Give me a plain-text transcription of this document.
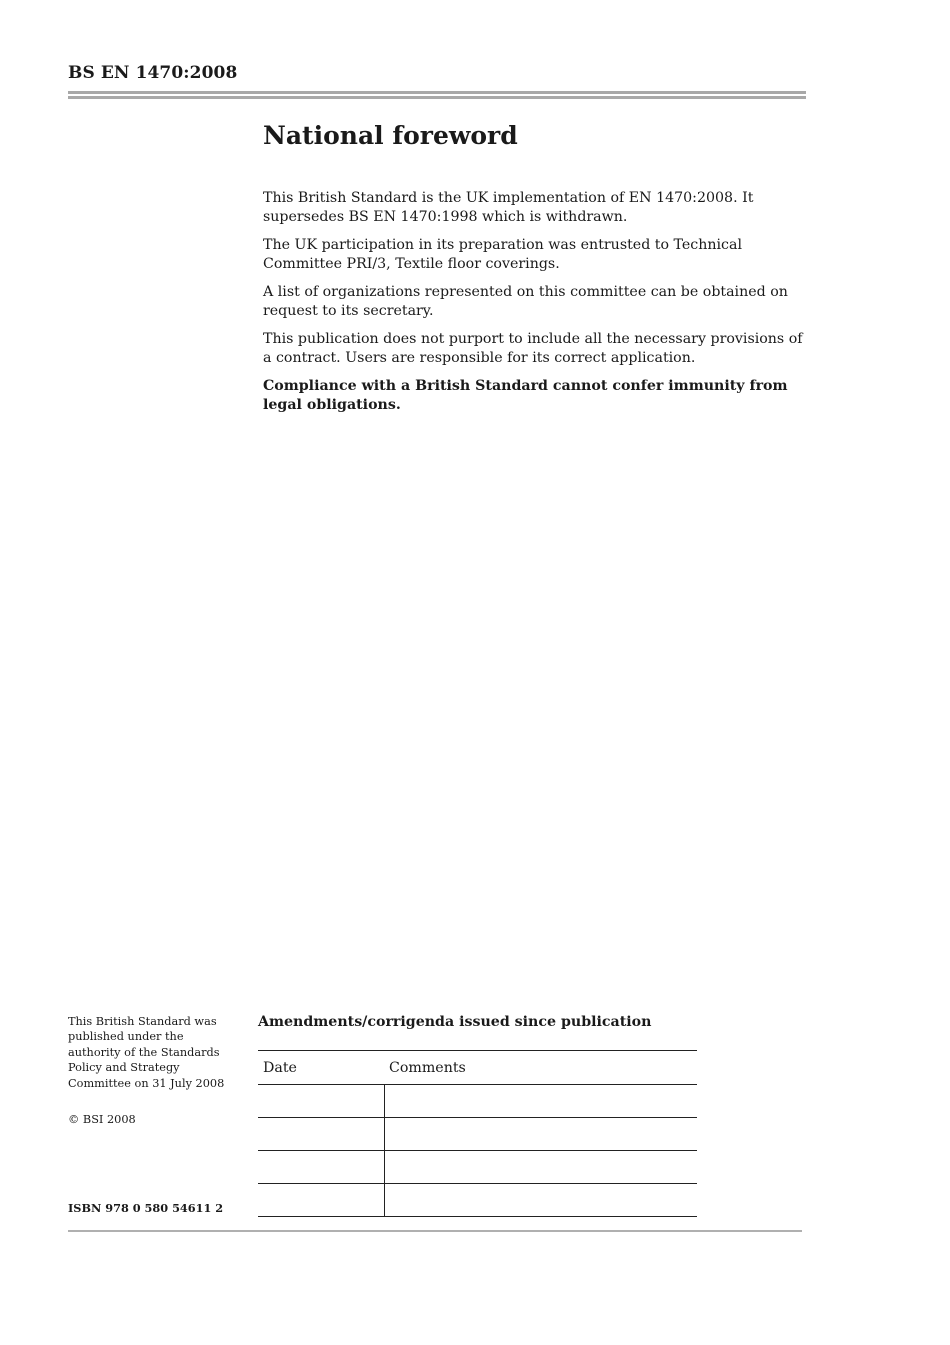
BS EN 1470:2008
National foreword

This British Standard is the UK implementation of EN 1470:2008. It supersedes BS EN 1470:1998 which is withdrawn.

The UK participation in its preparation was entrusted to Technical Committee PRI/3, Textile floor coverings.

A list of organizations represented on this committee can be obtained on request to its secretary.

This publication does not purport to include all the necessary provisions of a contract. Users are responsible for its correct application.

Compliance with a British Standard cannot confer immunity from legal obligations.

This British Standard was published under the authority of the Standards Policy and Strategy Committee on 31 July 2008
© BSI 2008
ISBN 978 0 580 54611 2
Amendments/corrigenda issued since publication
Date	Comments
